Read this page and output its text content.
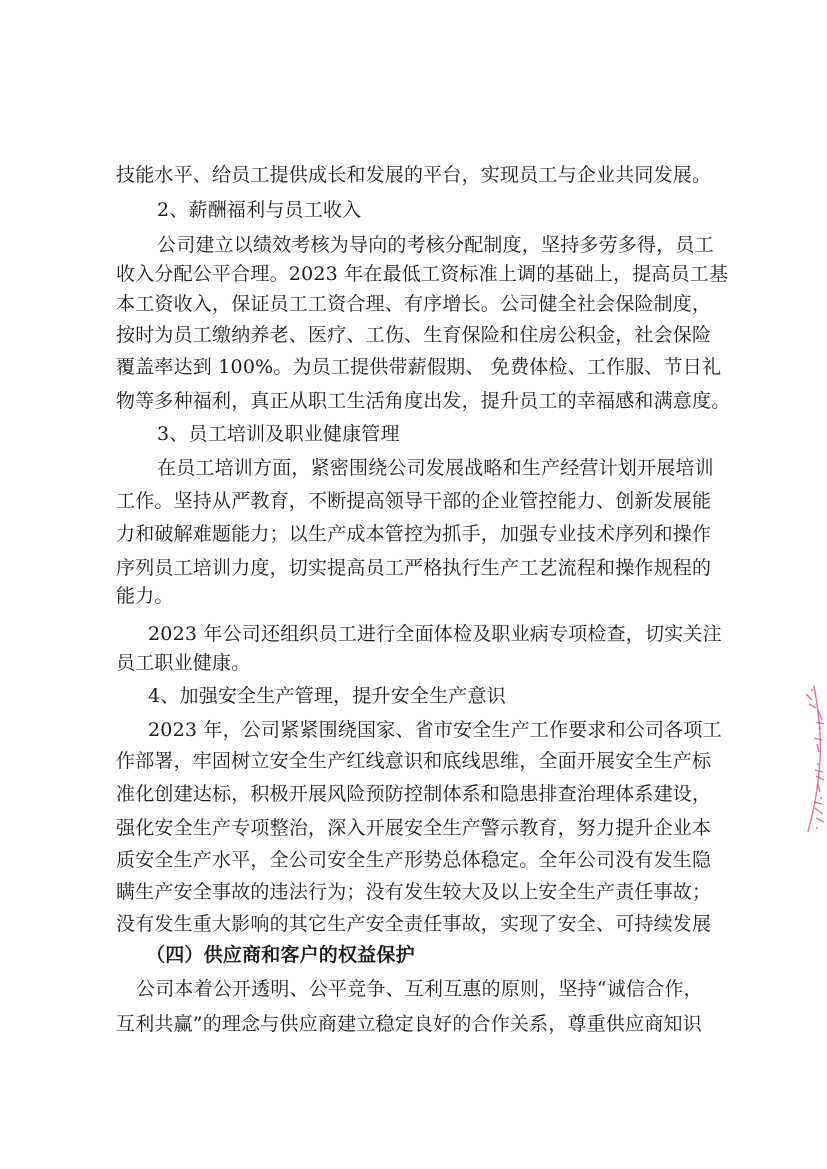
技能水平、给员工提供成长和发展的平台，实现员工与企业共同发展。
2、薪酬福利与员工收入
公司建立以绩效考核为导向的考核分配制度，坚持多劳多得，员工
收入分配公平合理。2023 年在最低工资标准上调的基础上，提高员工基
本工资收入，保证员工工资合理、有序增长。公司健全社会保险制度，
按时为员工缴纳养老、医疗、工伤、生育保险和住房公积金，社会保险
覆盖率达到 100%。为员工提供带薪假期、 免费体检、工作服、节日礼
物等多种福利，真正从职工生活角度出发，提升员工的幸福感和满意度。
3、员工培训及职业健康管理
在员工培训方面，紧密围绕公司发展战略和生产经营计划开展培训
工作。坚持从严教育，不断提高领导干部的企业管控能力、创新发展能
力和破解难题能力；以生产成本管控为抓手，加强专业技术序列和操作
序列员工培训力度，切实提高员工严格执行生产工艺流程和操作规程的
能力。
2023 年公司还组织员工进行全面体检及职业病专项检查，切实关注
员工职业健康。
4、加强安全生产管理，提升安全生产意识
2023 年，公司紧紧围绕国家、省市安全生产工作要求和公司各项工
作部署，牢固树立安全生产红线意识和底线思维，全面开展安全生产标
准化创建达标，积极开展风险预防控制体系和隐患排查治理体系建设，
强化安全生产专项整治，深入开展安全生产警示教育，努力提升企业本
质安全生产水平，全公司安全生产形势总体稳定。全年公司没有发生隐
瞒生产安全事故的违法行为；没有发生较大及以上安全生产责任事故；
没有发生重大影响的其它生产安全责任事故，实现了安全、可持续发展
（四）供应商和客户的权益保护
公司本着公开透明、公平竞争、互利互惠的原则，坚持“诚信合作，
互利共赢”的理念与供应商建立稳定良好的合作关系，尊重供应商知识
